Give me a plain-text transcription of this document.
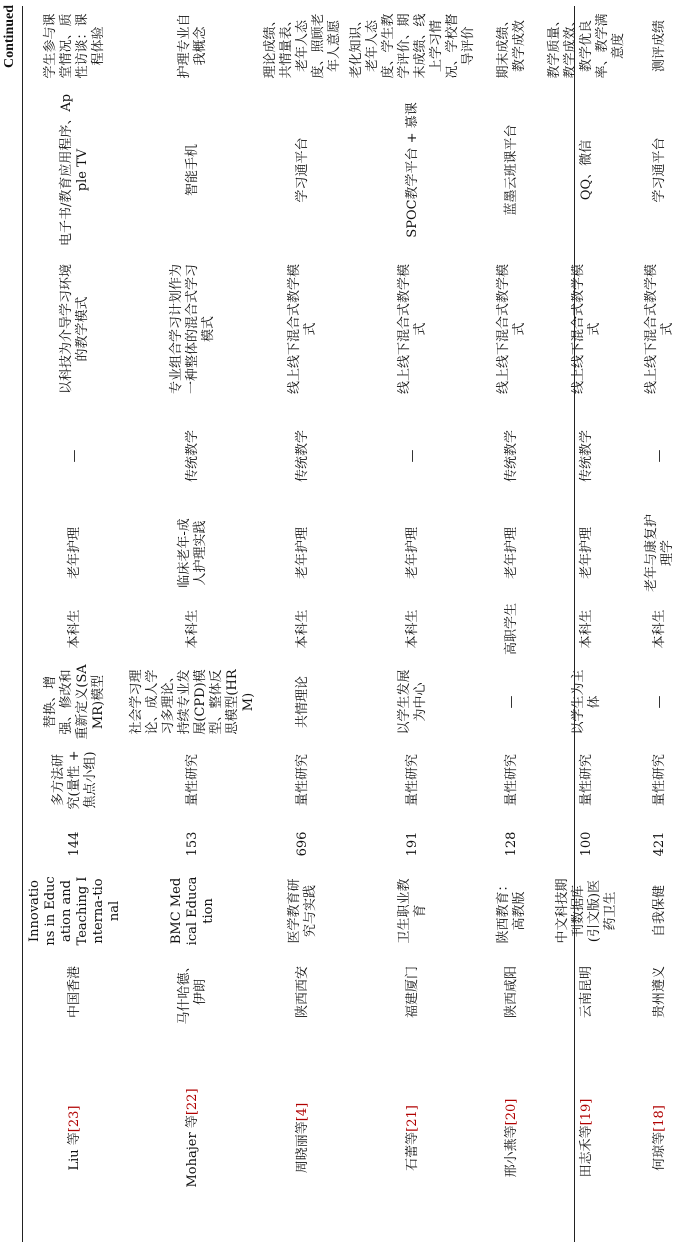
Continued
Liu 等[23]	中国香港	Innovations in Education and Teaching Interna-tional	144	多方法研究(量性 + 焦点小组)	替换、增强、修改和重新定义(SAMR)模型	本科生	老年护理	—	以科技为介导学习环境的教学模式	电子书/教育应用程序、Apple TV	学生参与课堂情况、质性访谈：课程体验
Mohajer 等[22]	马什哈德、伊朗	BMC Medical Education	153	量性研究	社会学习理论、成人学习多理论、持续专业发展(CPD)模型、整体反思模型(HRM)	本科生	临床老年-成人护理实践	传统教学	专业组合学习计划作为一种整体的混合式学习模式	智能手机	护理专业自我概念
周晓丽等[4]	陕西西安	医学教育研究与实践	696	量性研究	共情理论	本科生	老年护理	传统教学	线上线下混合式教学模式	学习通平台	理论成绩、共情量表、老年人态度、照顾老年人意愿
石蕾等[21]	福建厦门	卫生职业教育	191	量性研究	以学生发展为中心	本科生	老年护理	—	线上线下混合式教学模式	SPOC教学平台 + 慕课	老化知识、老年人态度、学生教学评价、期末成绩、线上学习情况、学校督导评价
邢小燕等[20]	陕西咸阳	陕西教育：高教版	128	量性研究	—	高职学生	老年护理	传统教学	线上线下混合式教学模式	蓝墨云班课平台	期末成绩、教学成效
田志禾等[19]	云南昆明	中文科技期刊数据库(引文版)医药卫生	100	量性研究	以学生为主体	本科生	老年护理	传统教学	线上线下混合式教学模式	QQ、微信	教学质量、教学成效、教学优良率、教学满意度
何琼等[18]	贵州遵义	自我保健	421	量性研究	—	本科生	老年与康复护理学	—	线上线下混合式教学模式	学习通平台	测评成绩
